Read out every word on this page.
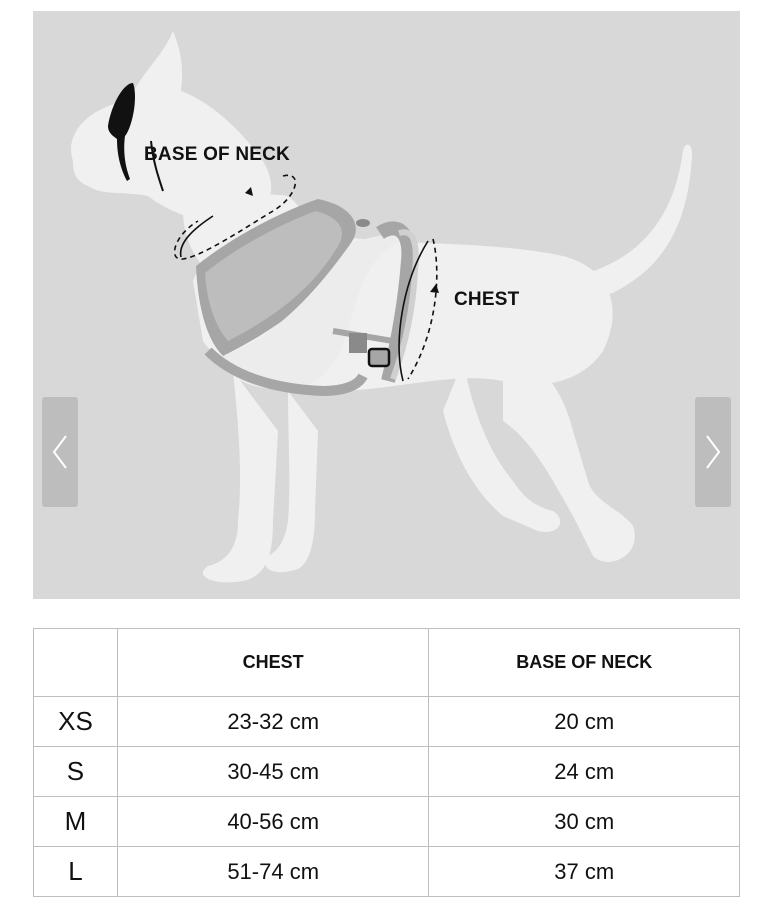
BASE OF NECK
CHEST
	CHEST	BASE OF NECK
XS	23-32 cm	20 cm
S	30-45 cm	24 cm
M	40-56 cm	30 cm
L	51-74 cm	37 cm
